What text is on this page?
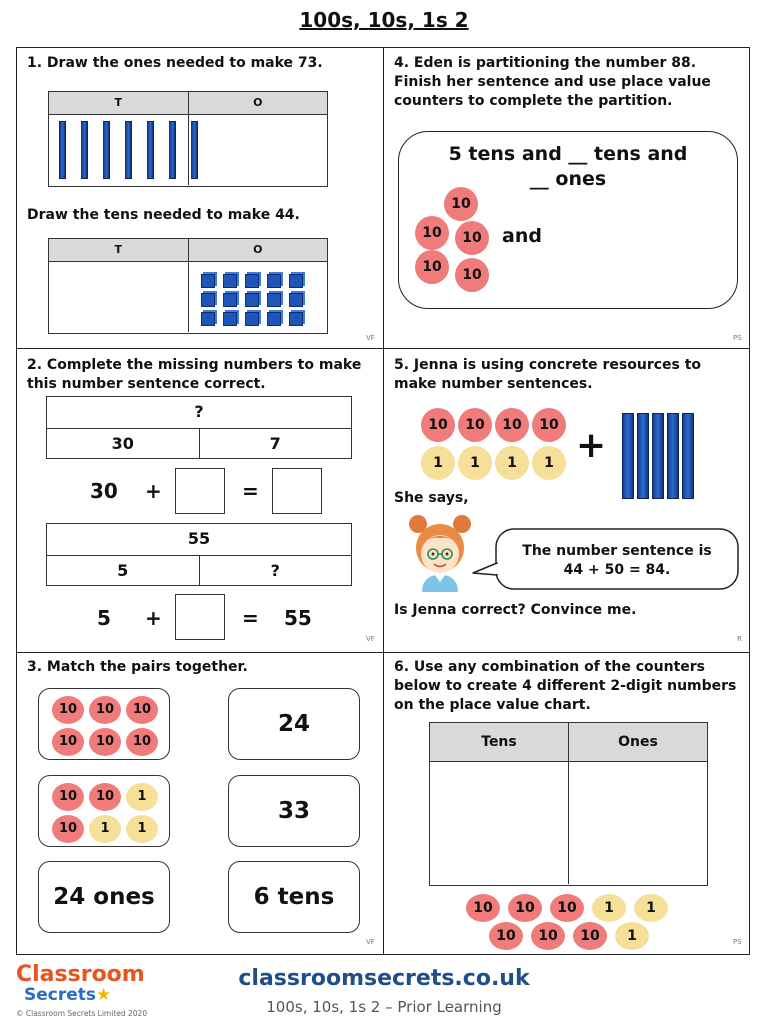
100s, 10s, 1s 2
1. Draw the ones needed to make 73.
T	O
Draw the tens needed to make 44.
T	O
VF
4. Eden is partitioning the number 88. Finish her sentence and use place value counters to complete the partition.
5 tens and __ tens and
__ ones
10
10	10
10	10
and
PS
2. Complete the missing numbers to make this number sentence correct.
?
30	7
30 +	=
55
5	?
5 +	= 55
VF
5. Jenna is using concrete resources to make number sentences.
10	10	10	10
1	1	1	1 +
She says,
The number sentence is
44 + 50 = 84.
Is Jenna correct? Convince me.
R
3. Match the pairs together.
10	10	10
10	10	10
24
10	10	1
10	1	1
33
24 ones	6 tens
VF
6. Use any combination of the counters below to create 4 different 2-digit numbers on the place value chart.
Tens	Ones
10	10	10	1	1
10	10	10	1	PS
Classroom
Secrets★
© Classroom Secrets Limited 2020
classroomsecrets.co.uk
100s, 10s, 1s 2 – Prior Learning
